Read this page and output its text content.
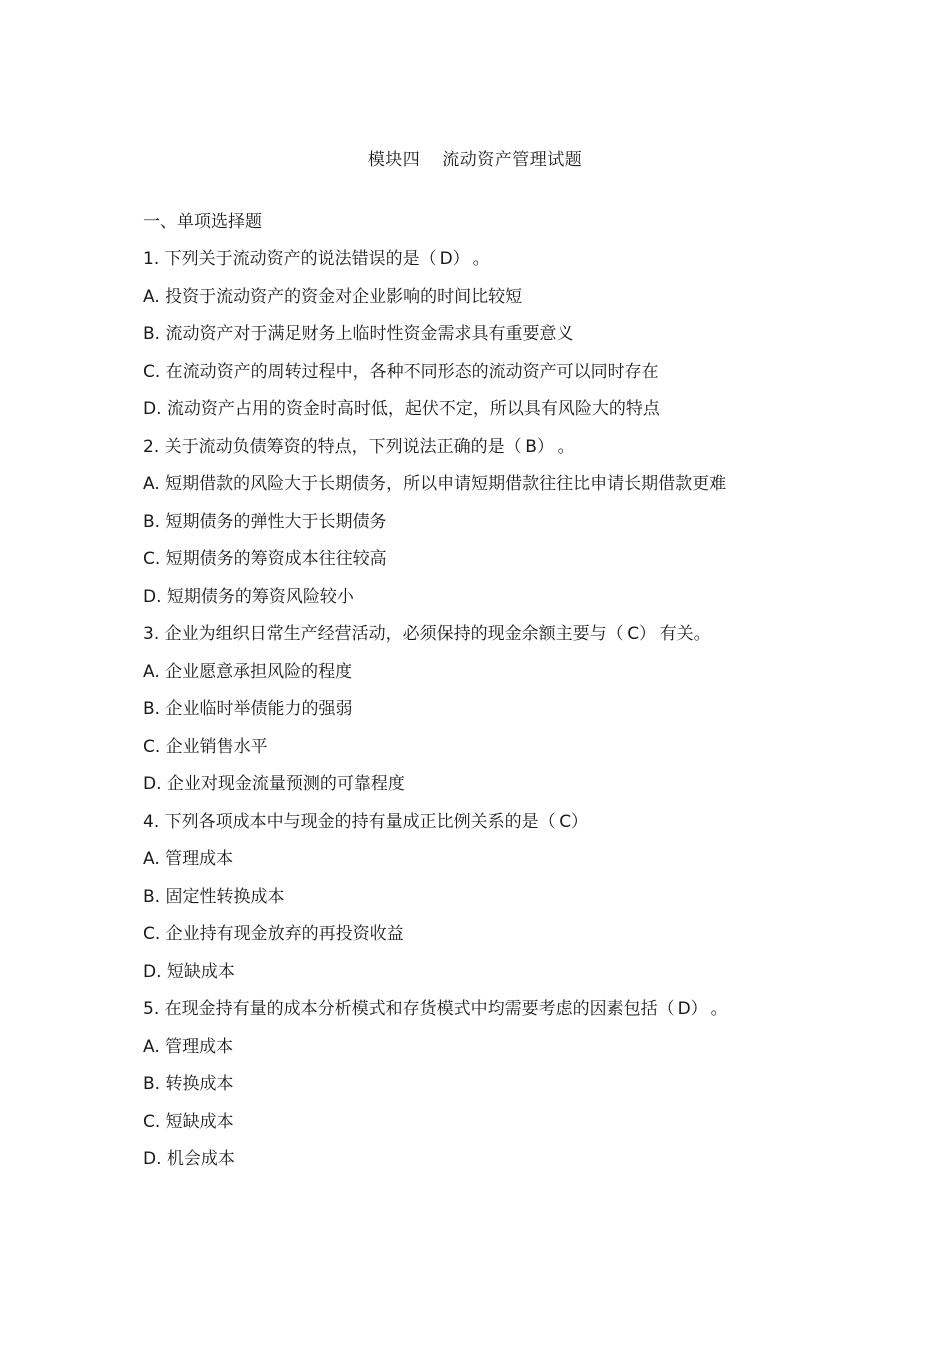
模块四 流动资产管理试题
一、单项选择题
1. 下列关于流动资产的说法错误的是（ D） 。
A. 投资于流动资产的资金对企业影响的时间比较短
B. 流动资产对于满足财务上临时性资金需求具有重要意义
C. 在流动资产的周转过程中，各种不同形态的流动资产可以同时存在
D. 流动资产占用的资金时高时低，起伏不定，所以具有风险大的特点
2. 关于流动负债筹资的特点，下列说法正确的是（ B） 。
A. 短期借款的风险大于长期债务，所以申请短期借款往往比申请长期借款更难
B. 短期债务的弹性大于长期债务
C. 短期债务的筹资成本往往较高
D. 短期债务的筹资风险较小
3. 企业为组织日常生产经营活动，必须保持的现金余额主要与（ C） 有关。
A. 企业愿意承担风险的程度
B. 企业临时举债能力的强弱
C. 企业销售水平
D. 企业对现金流量预测的可靠程度
4. 下列各项成本中与现金的持有量成正比例关系的是（ C）
A. 管理成本
B. 固定性转换成本
C. 企业持有现金放弃的再投资收益
D. 短缺成本
5. 在现金持有量的成本分析模式和存货模式中均需要考虑的因素包括（ D） 。
A. 管理成本
B. 转换成本
C. 短缺成本
D. 机会成本
